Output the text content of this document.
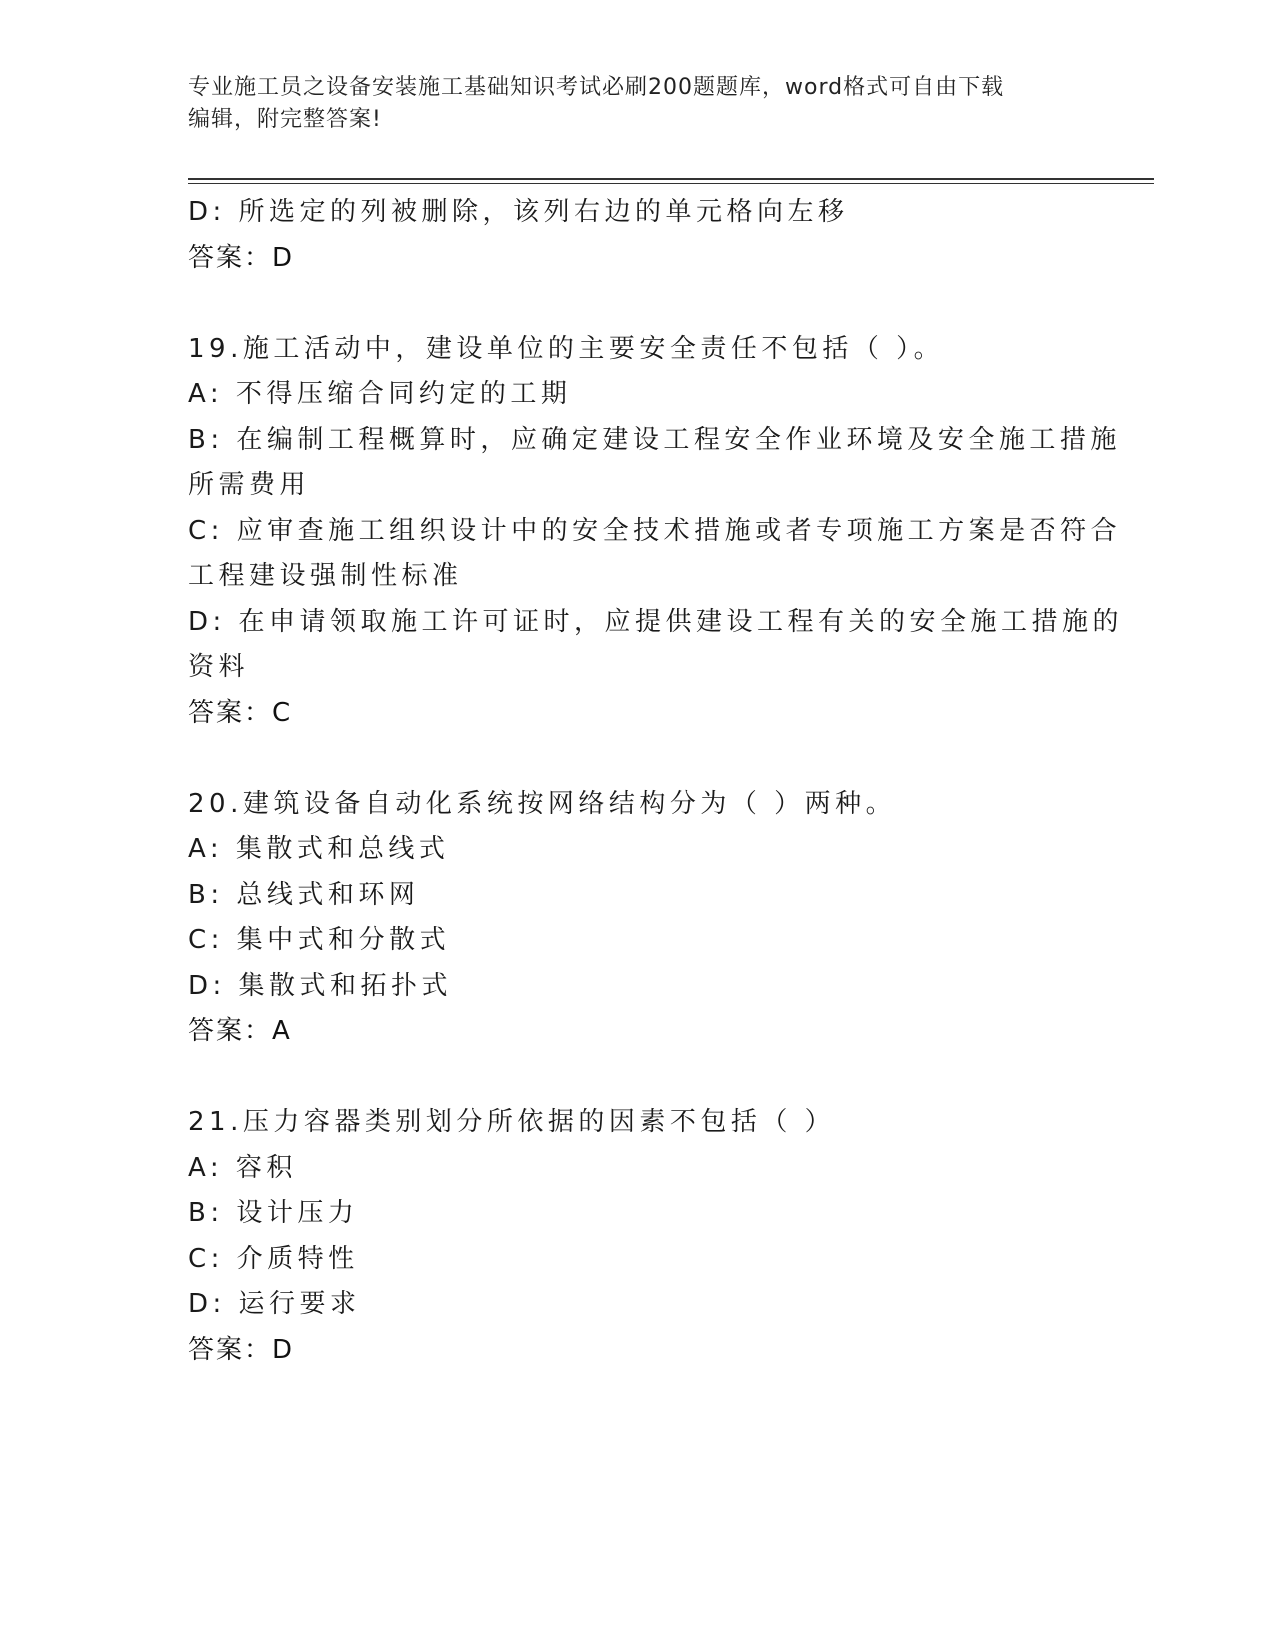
专业施工员之设备安装施工基础知识考试必刷200题题库，word格式可自由下载
编辑，附完整答案!
D: 所选定的列被删除，该列右边的单元格向左移
答案：D
19.施工活动中，建设单位的主要安全责任不包括（ ）。
A: 不得压缩合同约定的工期
B: 在编制工程概算时，应确定建设工程安全作业环境及安全施工措施
所需费用
C: 应审查施工组织设计中的安全技术措施或者专项施工方案是否符合
工程建设强制性标准
D: 在申请领取施工许可证时，应提供建设工程有关的安全施工措施的
资料
答案：C
20.建筑设备自动化系统按网络结构分为（ ）两种。
A: 集散式和总线式
B: 总线式和环网
C: 集中式和分散式
D: 集散式和拓扑式
答案：A
21.压力容器类别划分所依据的因素不包括（ ）
A: 容积
B: 设计压力
C: 介质特性
D: 运行要求
答案：D
